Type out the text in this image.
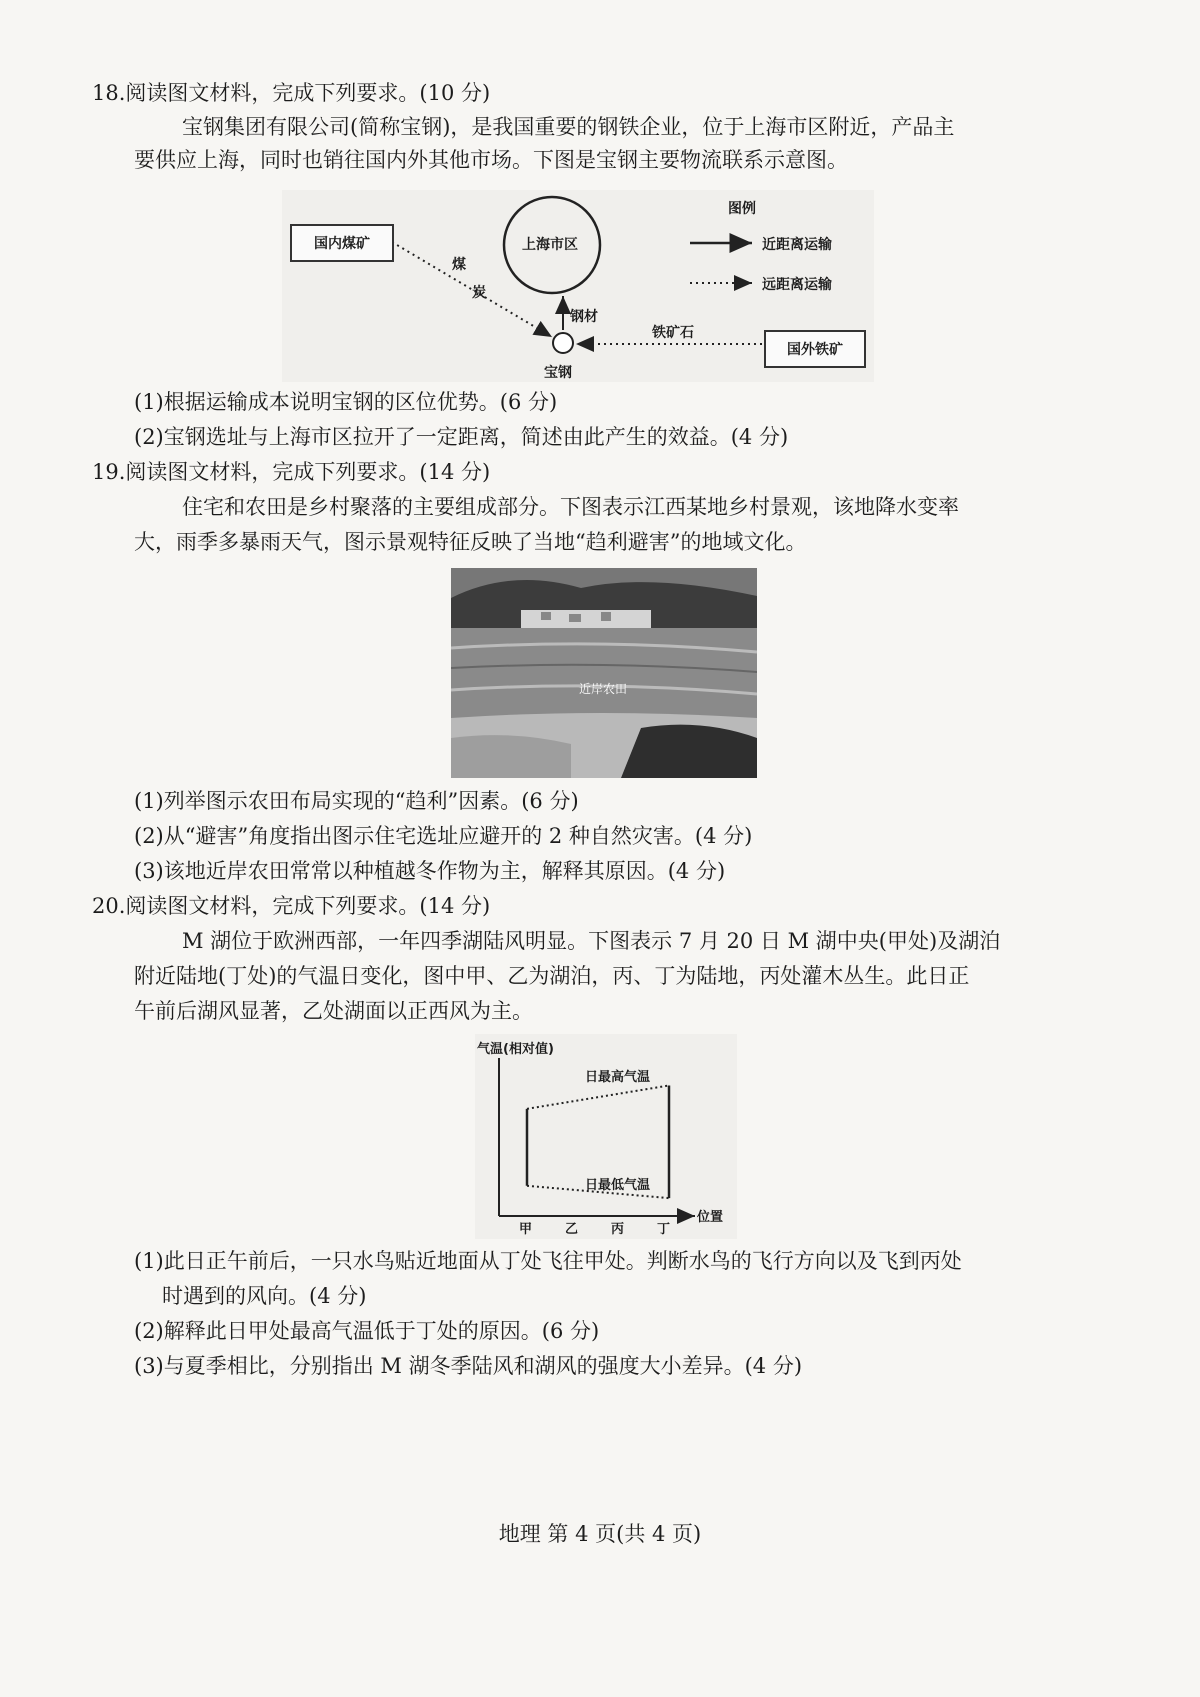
18.阅读图文材料，完成下列要求。(10 分)
宝钢集团有限公司(简称宝钢)，是我国重要的钢铁企业，位于上海市区附近，产品主
要供应上海，同时也销往国内外其他市场。下图是宝钢主要物流联系示意图。
国内煤矿	上海市区
宝钢
国外铁矿
煤
炭
钢材
铁矿石
图例
近距离运输
远距离运输
(1)根据运输成本说明宝钢的区位优势。(6 分)
(2)宝钢选址与上海市区拉开了一定距离，简述由此产生的效益。(4 分)
19.阅读图文材料，完成下列要求。(14 分)
住宅和农田是乡村聚落的主要组成部分。下图表示江西某地乡村景观，该地降水变率
大，雨季多暴雨天气，图示景观特征反映了当地“趋利避害”的地域文化。
近岸农田
(1)列举图示农田布局实现的“趋利”因素。(6 分)
(2)从“避害”角度指出图示住宅选址应避开的 2 种自然灾害。(4 分)
(3)该地近岸农田常常以种植越冬作物为主，解释其原因。(4 分)
20.阅读图文材料，完成下列要求。(14 分)
M 湖位于欧洲西部，一年四季湖陆风明显。下图表示 7 月 20 日 M 湖中央(甲处)及湖泊
附近陆地(丁处)的气温日变化，图中甲、乙为湖泊，丙、丁为陆地，丙处灌木丛生。此日正
午前后湖风显著，乙处湖面以正西风为主。
气温(相对值)
位置
日最高气温
日最低气温
甲	乙	丙	丁
(1)此日正午前后，一只水鸟贴近地面从丁处飞往甲处。判断水鸟的飞行方向以及飞到丙处
时遇到的风向。(4 分)
(2)解释此日甲处最高气温低于丁处的原因。(6 分)
(3)与夏季相比，分别指出 M 湖冬季陆风和湖风的强度大小差异。(4 分)
地理 第 4 页(共 4 页)
